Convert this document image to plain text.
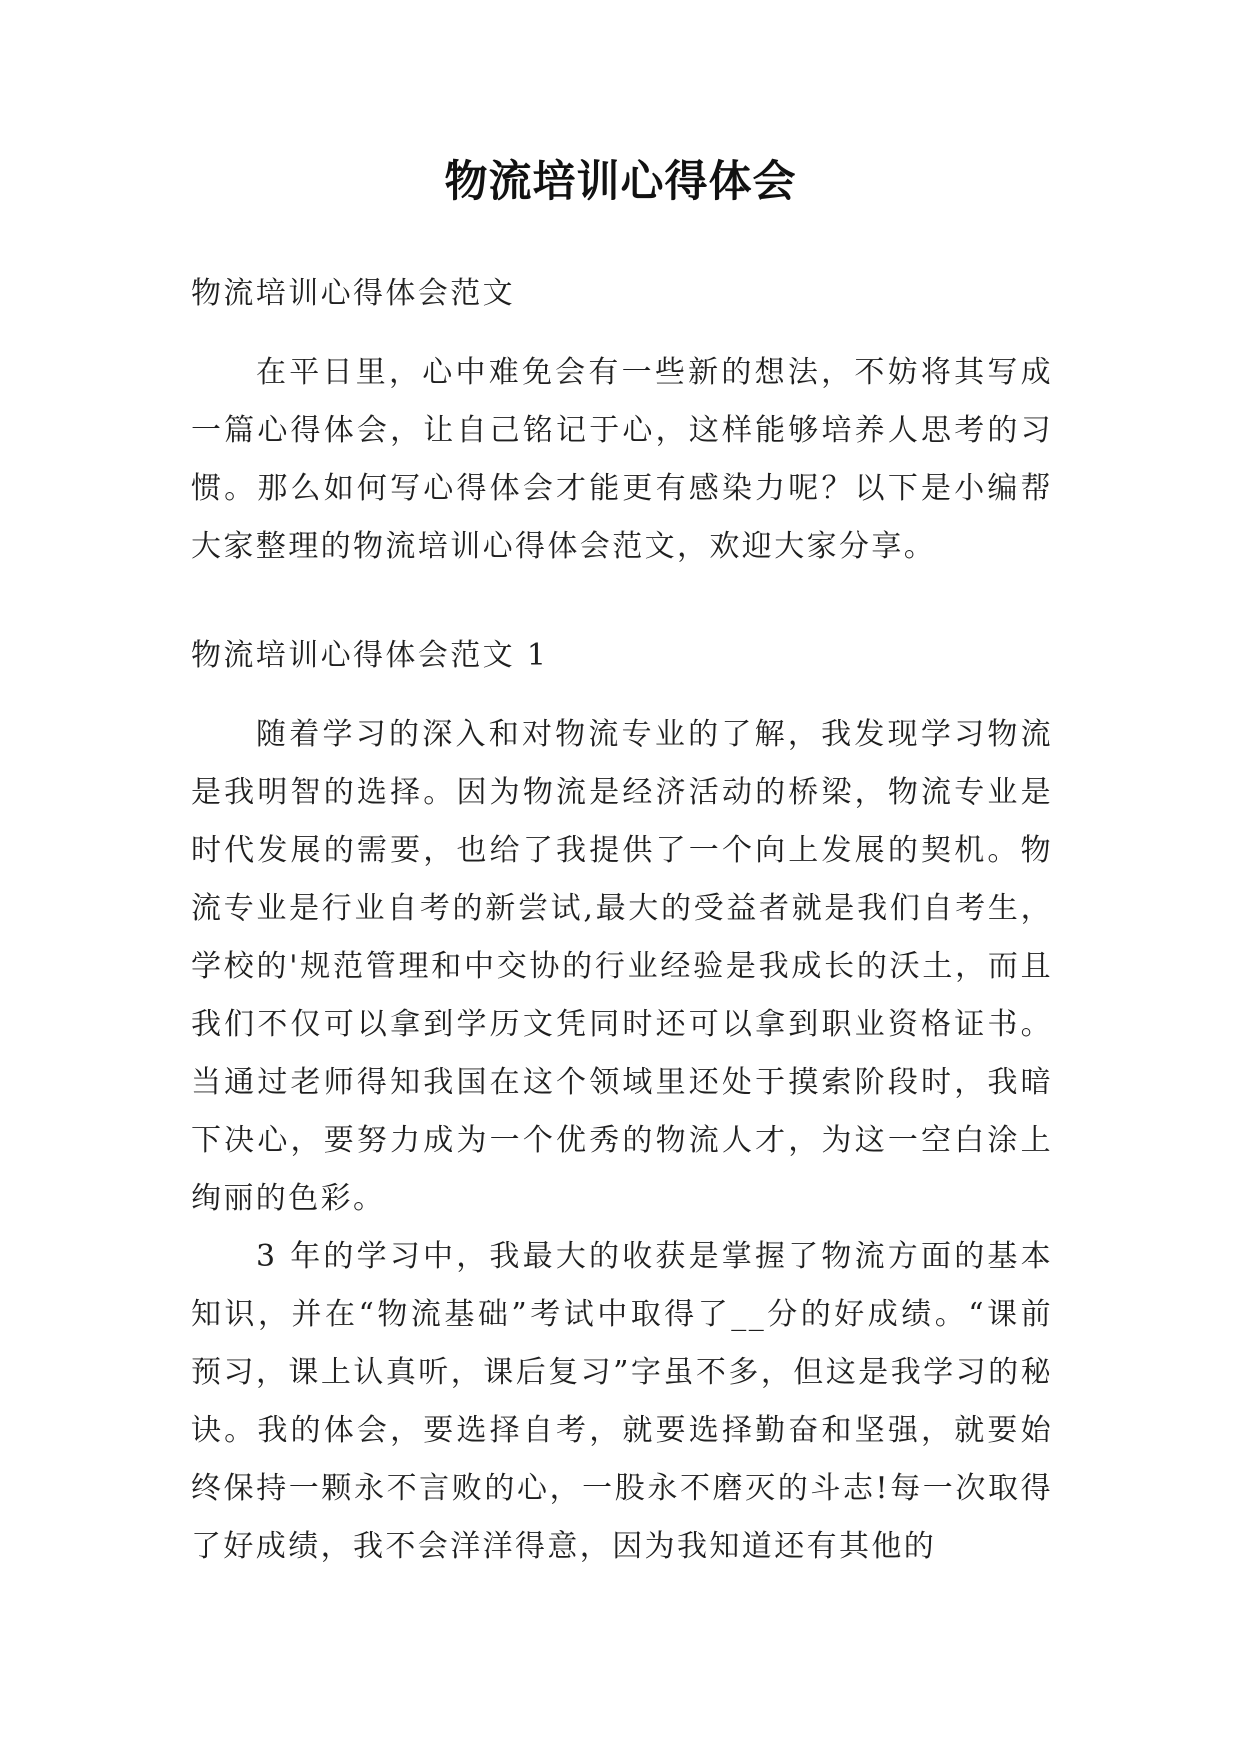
物流培训心得体会

物流培训心得体会范文

在平日里，心中难免会有一些新的想法，不妨将其写成一篇心得体会，让自己铭记于心，这样能够培养人思考的习惯。那么如何写心得体会才能更有感染力呢？以下是小编帮大家整理的物流培训心得体会范文，欢迎大家分享。

物流培训心得体会范文 1

随着学习的深入和对物流专业的了解，我发现学习物流是我明智的选择。因为物流是经济活动的桥梁，物流专业是时代发展的需要，也给了我提供了一个向上发展的契机。物流专业是行业自考的新尝试,最大的受益者就是我们自考生，学校的'规范管理和中交协的行业经验是我成长的沃土，而且我们不仅可以拿到学历文凭同时还可以拿到职业资格证书。当通过老师得知我国在这个领域里还处于摸索阶段时，我暗下决心，要努力成为一个优秀的物流人才，为这一空白涂上绚丽的色彩。

3 年的学习中，我最大的收获是掌握了物流方面的基本知识，并在“物流基础”考试中取得了__分的好成绩。“课前预习，课上认真听，课后复习”字虽不多，但这是我学习的秘诀。我的体会，要选择自考，就要选择勤奋和坚强，就要始终保持一颗永不言败的心，一股永不磨灭的斗志!每一次取得了好成绩，我不会洋洋得意，因为我知道还有其他的
